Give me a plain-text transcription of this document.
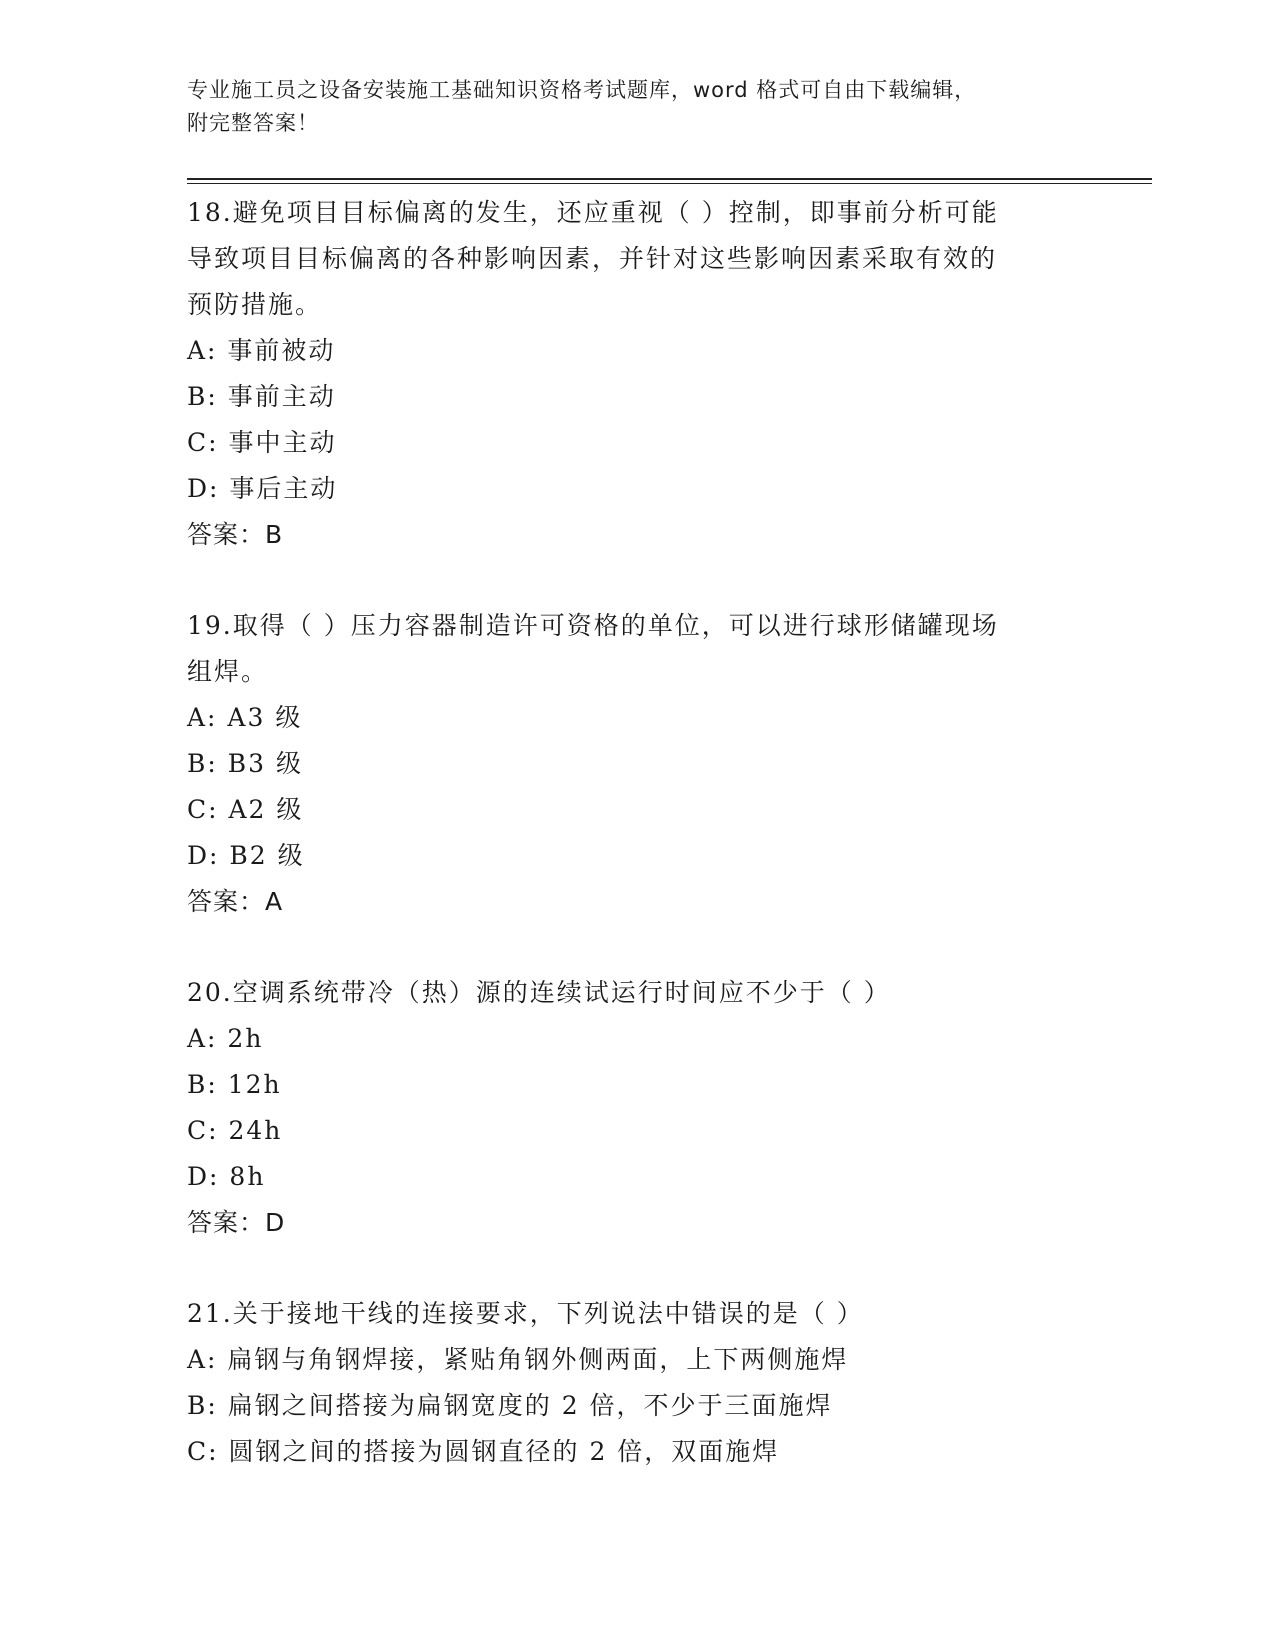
专业施工员之设备安装施工基础知识资格考试题库，word 格式可自由下载编辑，
附完整答案！
18.避免项目目标偏离的发生，还应重视（ ）控制，即事前分析可能
导致项目目标偏离的各种影响因素，并针对这些影响因素采取有效的
预防措施。
A: 事前被动
B: 事前主动
C: 事中主动
D: 事后主动
答案：B
19.取得（ ）压力容器制造许可资格的单位，可以进行球形储罐现场
组焊。
A: A3 级
B: B3 级
C: A2 级
D: B2 级
答案：A
20.空调系统带冷（热）源的连续试运行时间应不少于（ ）
A: 2h
B: 12h
C: 24h
D: 8h
答案：D
21.关于接地干线的连接要求，下列说法中错误的是（ ）
A: 扁钢与角钢焊接，紧贴角钢外侧两面，上下两侧施焊
B: 扁钢之间搭接为扁钢宽度的 2 倍，不少于三面施焊
C: 圆钢之间的搭接为圆钢直径的 2 倍，双面施焊
